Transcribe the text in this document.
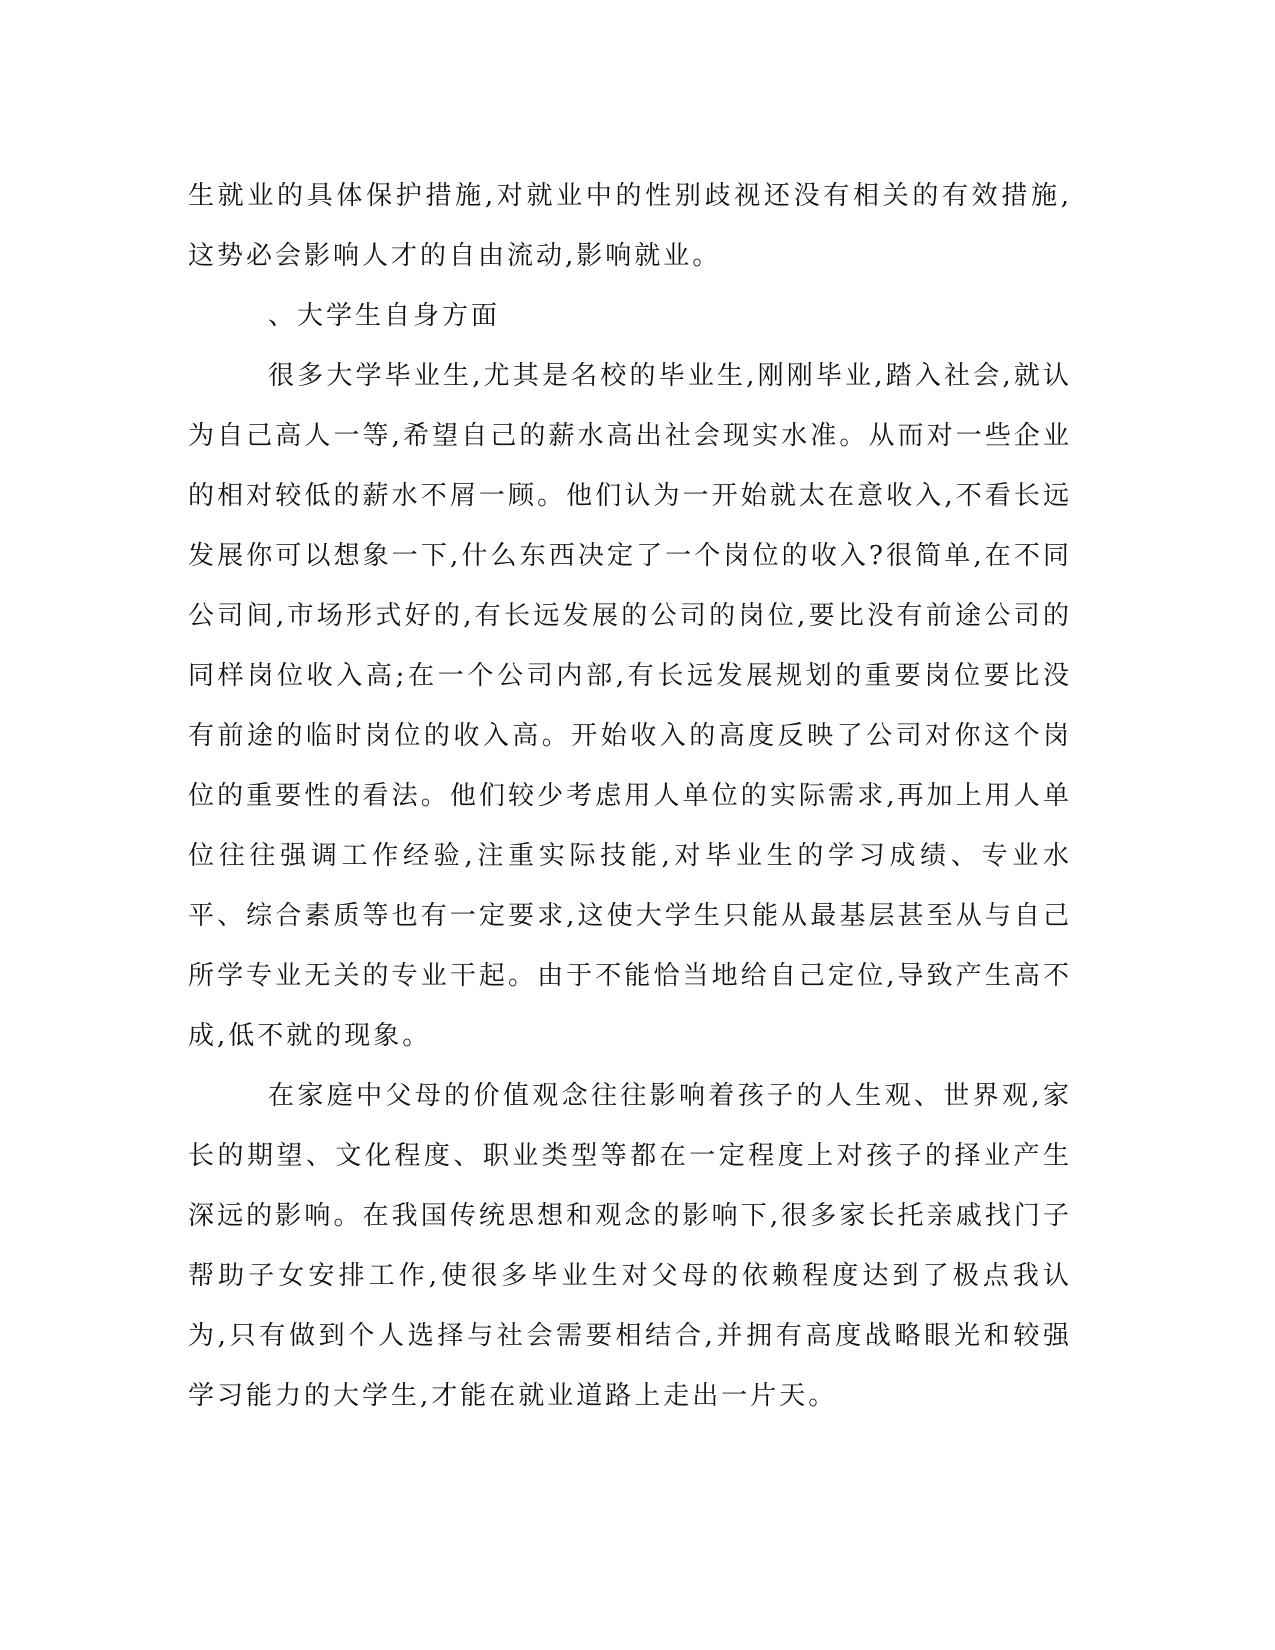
生就业的具体保护措施,对就业中的性别歧视还没有相关的有效措施,这势必会影响人才的自由流动,影响就业。

、大学生自身方面

很多大学毕业生,尤其是名校的毕业生,刚刚毕业,踏入社会,就认为自己高人一等,希望自己的薪水高出社会现实水准。从而对一些企业的相对较低的薪水不屑一顾。他们认为一开始就太在意收入,不看长远发展你可以想象一下,什么东西决定了一个岗位的收入?很简单,在不同公司间,市场形式好的,有长远发展的公司的岗位,要比没有前途公司的同样岗位收入高;在一个公司内部,有长远发展规划的重要岗位要比没有前途的临时岗位的收入高。开始收入的高度反映了公司对你这个岗位的重要性的看法。他们较少考虑用人单位的实际需求,再加上用人单位往往强调工作经验,注重实际技能,对毕业生的学习成绩、专业水平、综合素质等也有一定要求,这使大学生只能从最基层甚至从与自己所学专业无关的专业干起。由于不能恰当地给自己定位,导致产生高不成,低不就的现象。

在家庭中父母的价值观念往往影响着孩子的人生观、世界观,家长的期望、文化程度、职业类型等都在一定程度上对孩子的择业产生深远的影响。在我国传统思想和观念的影响下,很多家长托亲戚找门子帮助子女安排工作,使很多毕业生对父母的依赖程度达到了极点我认为,只有做到个人选择与社会需要相结合,并拥有高度战略眼光和较强学习能力的大学生,才能在就业道路上走出一片天。
